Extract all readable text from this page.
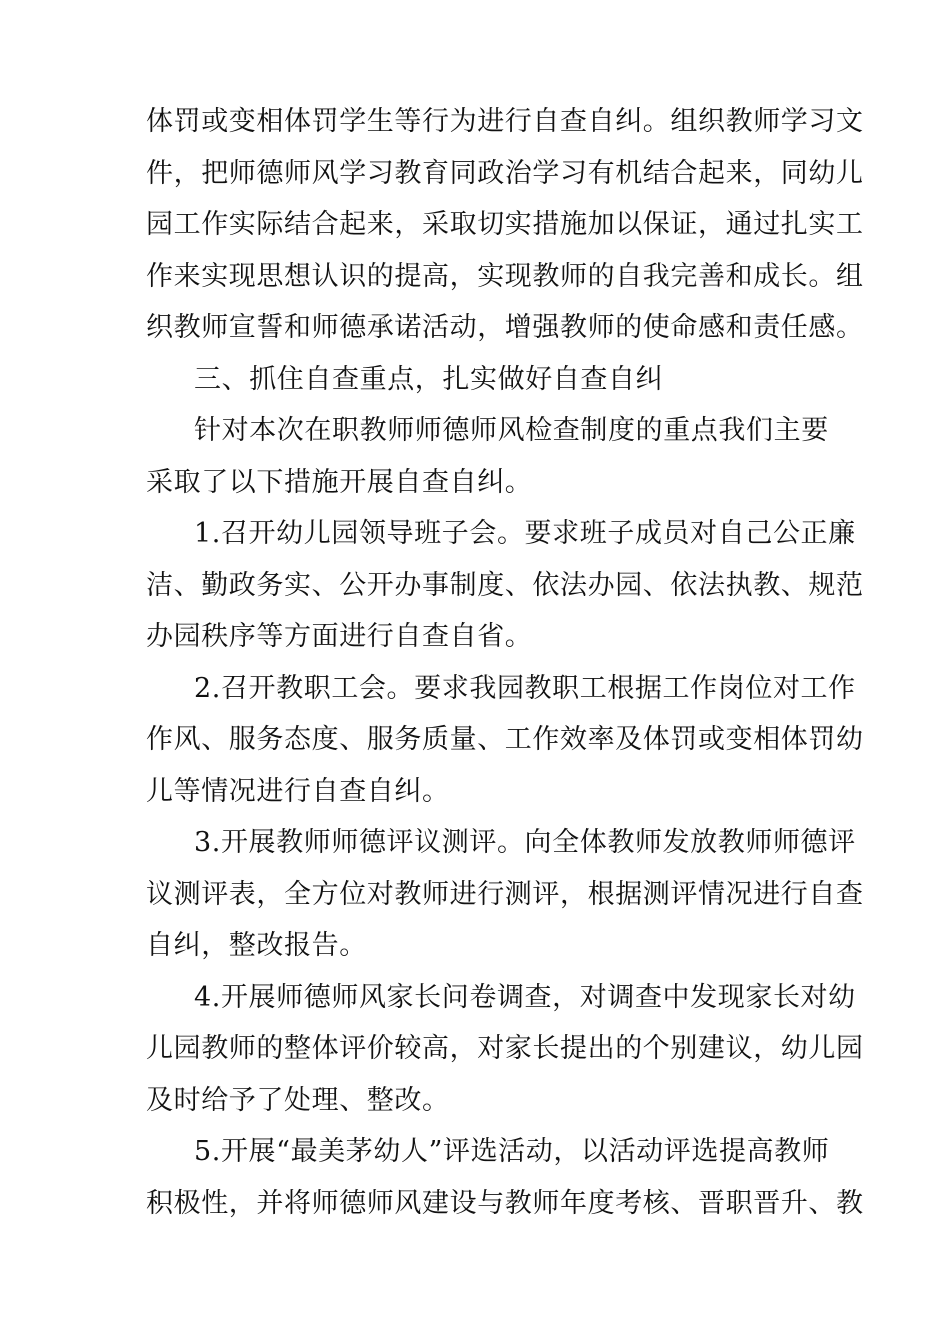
体罚或变相体罚学生等行为进行自查自纠。组织教师学习文
件，把师德师风学习教育同政治学习有机结合起来，同幼儿
园工作实际结合起来，采取切实措施加以保证，通过扎实工
作来实现思想认识的提高，实现教师的自我完善和成长。组
织教师宣誓和师德承诺活动，增强教师的使命感和责任感。
三、抓住自查重点，扎实做好自查自纠
针对本次在职教师师德师风检查制度的重点我们主要
采取了以下措施开展自查自纠。
1.召开幼儿园领导班子会。要求班子成员对自己公正廉
洁、勤政务实、公开办事制度、依法办园、依法执教、规范
办园秩序等方面进行自查自省。
2.召开教职工会。要求我园教职工根据工作岗位对工作
作风、服务态度、服务质量、工作效率及体罚或变相体罚幼
儿等情况进行自查自纠。
3.开展教师师德评议测评。向全体教师发放教师师德评
议测评表，全方位对教师进行测评，根据测评情况进行自查
自纠，整改报告。
4.开展师德师风家长问卷调查，对调查中发现家长对幼
儿园教师的整体评价较高，对家长提出的个别建议，幼儿园
及时给予了处理、整改。
5.开展“最美茅幼人”评选活动，以活动评选提高教师
积极性，并将师德师风建设与教师年度考核、晋职晋升、教
